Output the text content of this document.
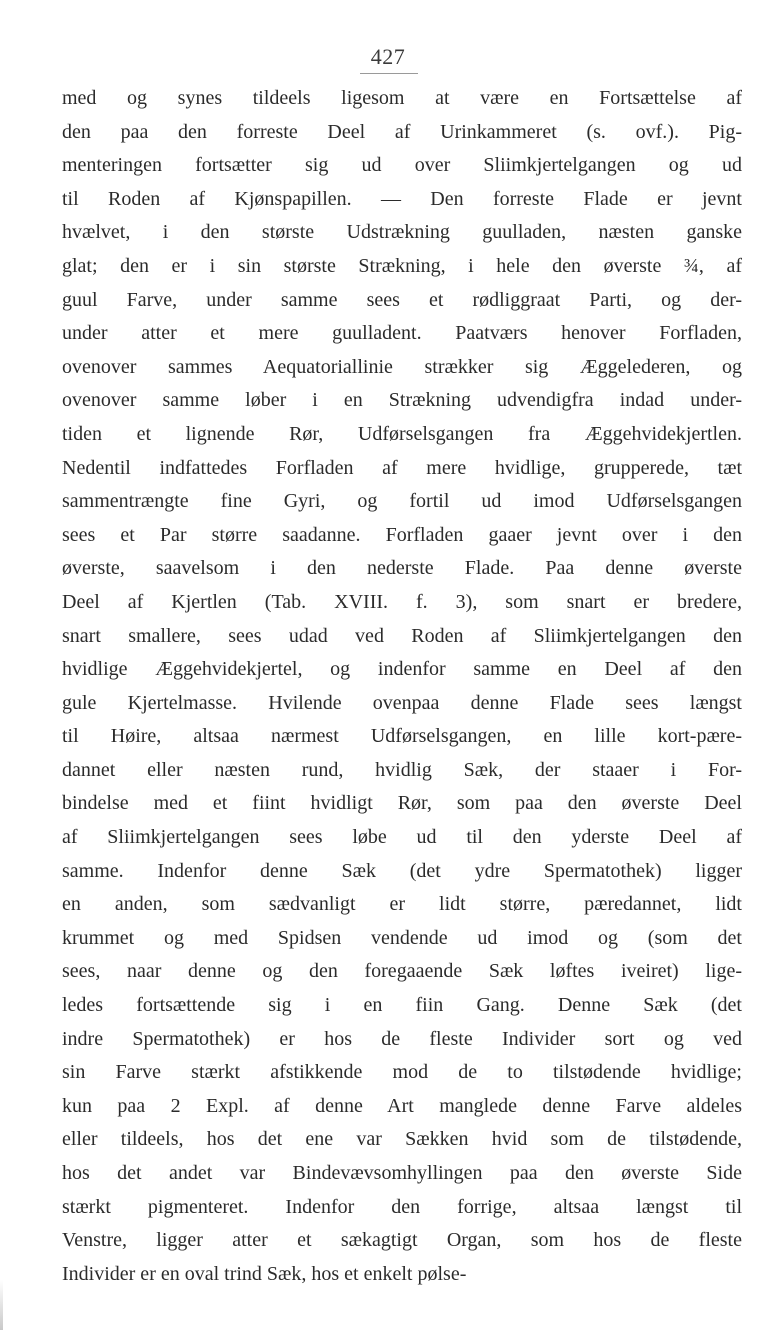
427
med og synes tildeels ligesom at være en Fortsættelse af
den paa den forreste Deel af Urinkammeret (s. ovf.). Pig-
menteringen fortsætter sig ud over Sliimkjertelgangen og ud
til Roden af Kjønspapillen. — Den forreste Flade er jevnt
hvælvet, i den største Udstrækning guulladen, næsten ganske
glat; den er i sin største Strækning, i hele den øverste ¾, af
guul Farve, under samme sees et rødliggraat Parti, og der-
under atter et mere guulladent. Paatværs henover Forfladen,
ovenover sammes Aequatoriallinie strækker sig Æggelederen, og
ovenover samme løber i en Strækning udvendigfra indad under-
tiden et lignende Rør, Udførselsgangen fra Æggehvidekjertlen.
Nedentil indfattedes Forfladen af mere hvidlige, grupperede, tæt
sammentrængte fine Gyri, og fortil ud imod Udførselsgangen
sees et Par større saadanne. Forfladen gaaer jevnt over i den
øverste, saavelsom i den nederste Flade. Paa denne øverste
Deel af Kjertlen (Tab. XVIII. f. 3), som snart er bredere,
snart smallere, sees udad ved Roden af Sliimkjertelgangen den
hvidlige Æggehvidekjertel, og indenfor samme en Deel af den
gule Kjertelmasse. Hvilende ovenpaa denne Flade sees længst
til Høire, altsaa nærmest Udførselsgangen, en lille kort-pære-
dannet eller næsten rund, hvidlig Sæk, der staaer i For-
bindelse med et fiint hvidligt Rør, som paa den øverste Deel
af Sliimkjertelgangen sees løbe ud til den yderste Deel af
samme. Indenfor denne Sæk (det ydre Spermatothek) ligger
en anden, som sædvanligt er lidt større, pæredannet, lidt
krummet og med Spidsen vendende ud imod og (som det
sees, naar denne og den foregaaende Sæk løftes iveiret) lige-
ledes fortsættende sig i en fiin Gang. Denne Sæk (det
indre Spermatothek) er hos de fleste Individer sort og ved
sin Farve stærkt afstikkende mod de to tilstødende hvidlige;
kun paa 2 Expl. af denne Art manglede denne Farve aldeles
eller tildeels, hos det ene var Sækken hvid som de tilstødende,
hos det andet var Bindevævsomhyllingen paa den øverste Side
stærkt pigmenteret. Indenfor den forrige, altsaa længst til
Venstre, ligger atter et sækagtigt Organ, som hos de fleste
Individer er en oval trind Sæk, hos et enkelt pølse-
